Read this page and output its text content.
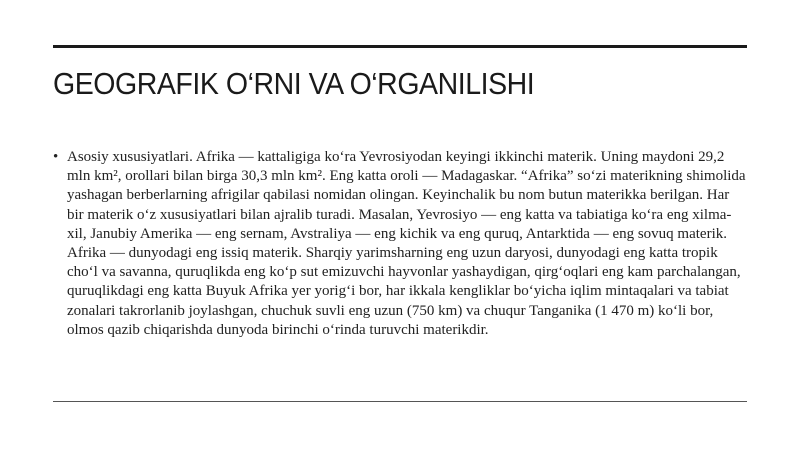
GEOGRAFIK O‘RNI VA O‘RGANILISHI
• Asosiy xususiyatlari. Afrika — kattaligiga ko‘ra Yevrosiyodan keyingi ikkinchi materik. Uning maydoni 29,2 mln km², orollari bilan birga 30,3 mln km². Eng katta oroli — Madagaskar. “Afrika” so‘zi materikning shimolida yashagan berberlarning afrigilar qabilasi nomidan olingan. Keyinchalik bu nom butun materikka berilgan. Har bir materik o‘z xususiyatlari bilan ajralib turadi. Masalan, Yevrosiyo — eng katta va tabiatiga ko‘ra eng xilma-xil, Janubiy Amerika — eng sernam, Avstraliya — eng kichik va eng quruq, Antarktida — eng sovuq materik. Afrika — dunyodagi eng issiq materik. Sharqiy yarimsharning eng uzun daryosi, dunyodagi eng katta tropik cho‘l va savanna, quruqlikda eng ko‘p sut emizuvchi hayvonlar yashaydigan, qirg‘oqlari eng kam parchalangan, quruqlikdagi eng katta Buyuk Afrika yer yorig‘i bor, har ikkala kengliklar bo‘yicha iqlim mintaqalari va tabiat zonalari takrorlanib joylashgan, chuchuk suvli eng uzun (750 km) va chuqur Tanganika (1 470 m) ko‘li bor, olmos qazib chiqarishda dunyoda birinchi o‘rinda turuvchi materikdir.
